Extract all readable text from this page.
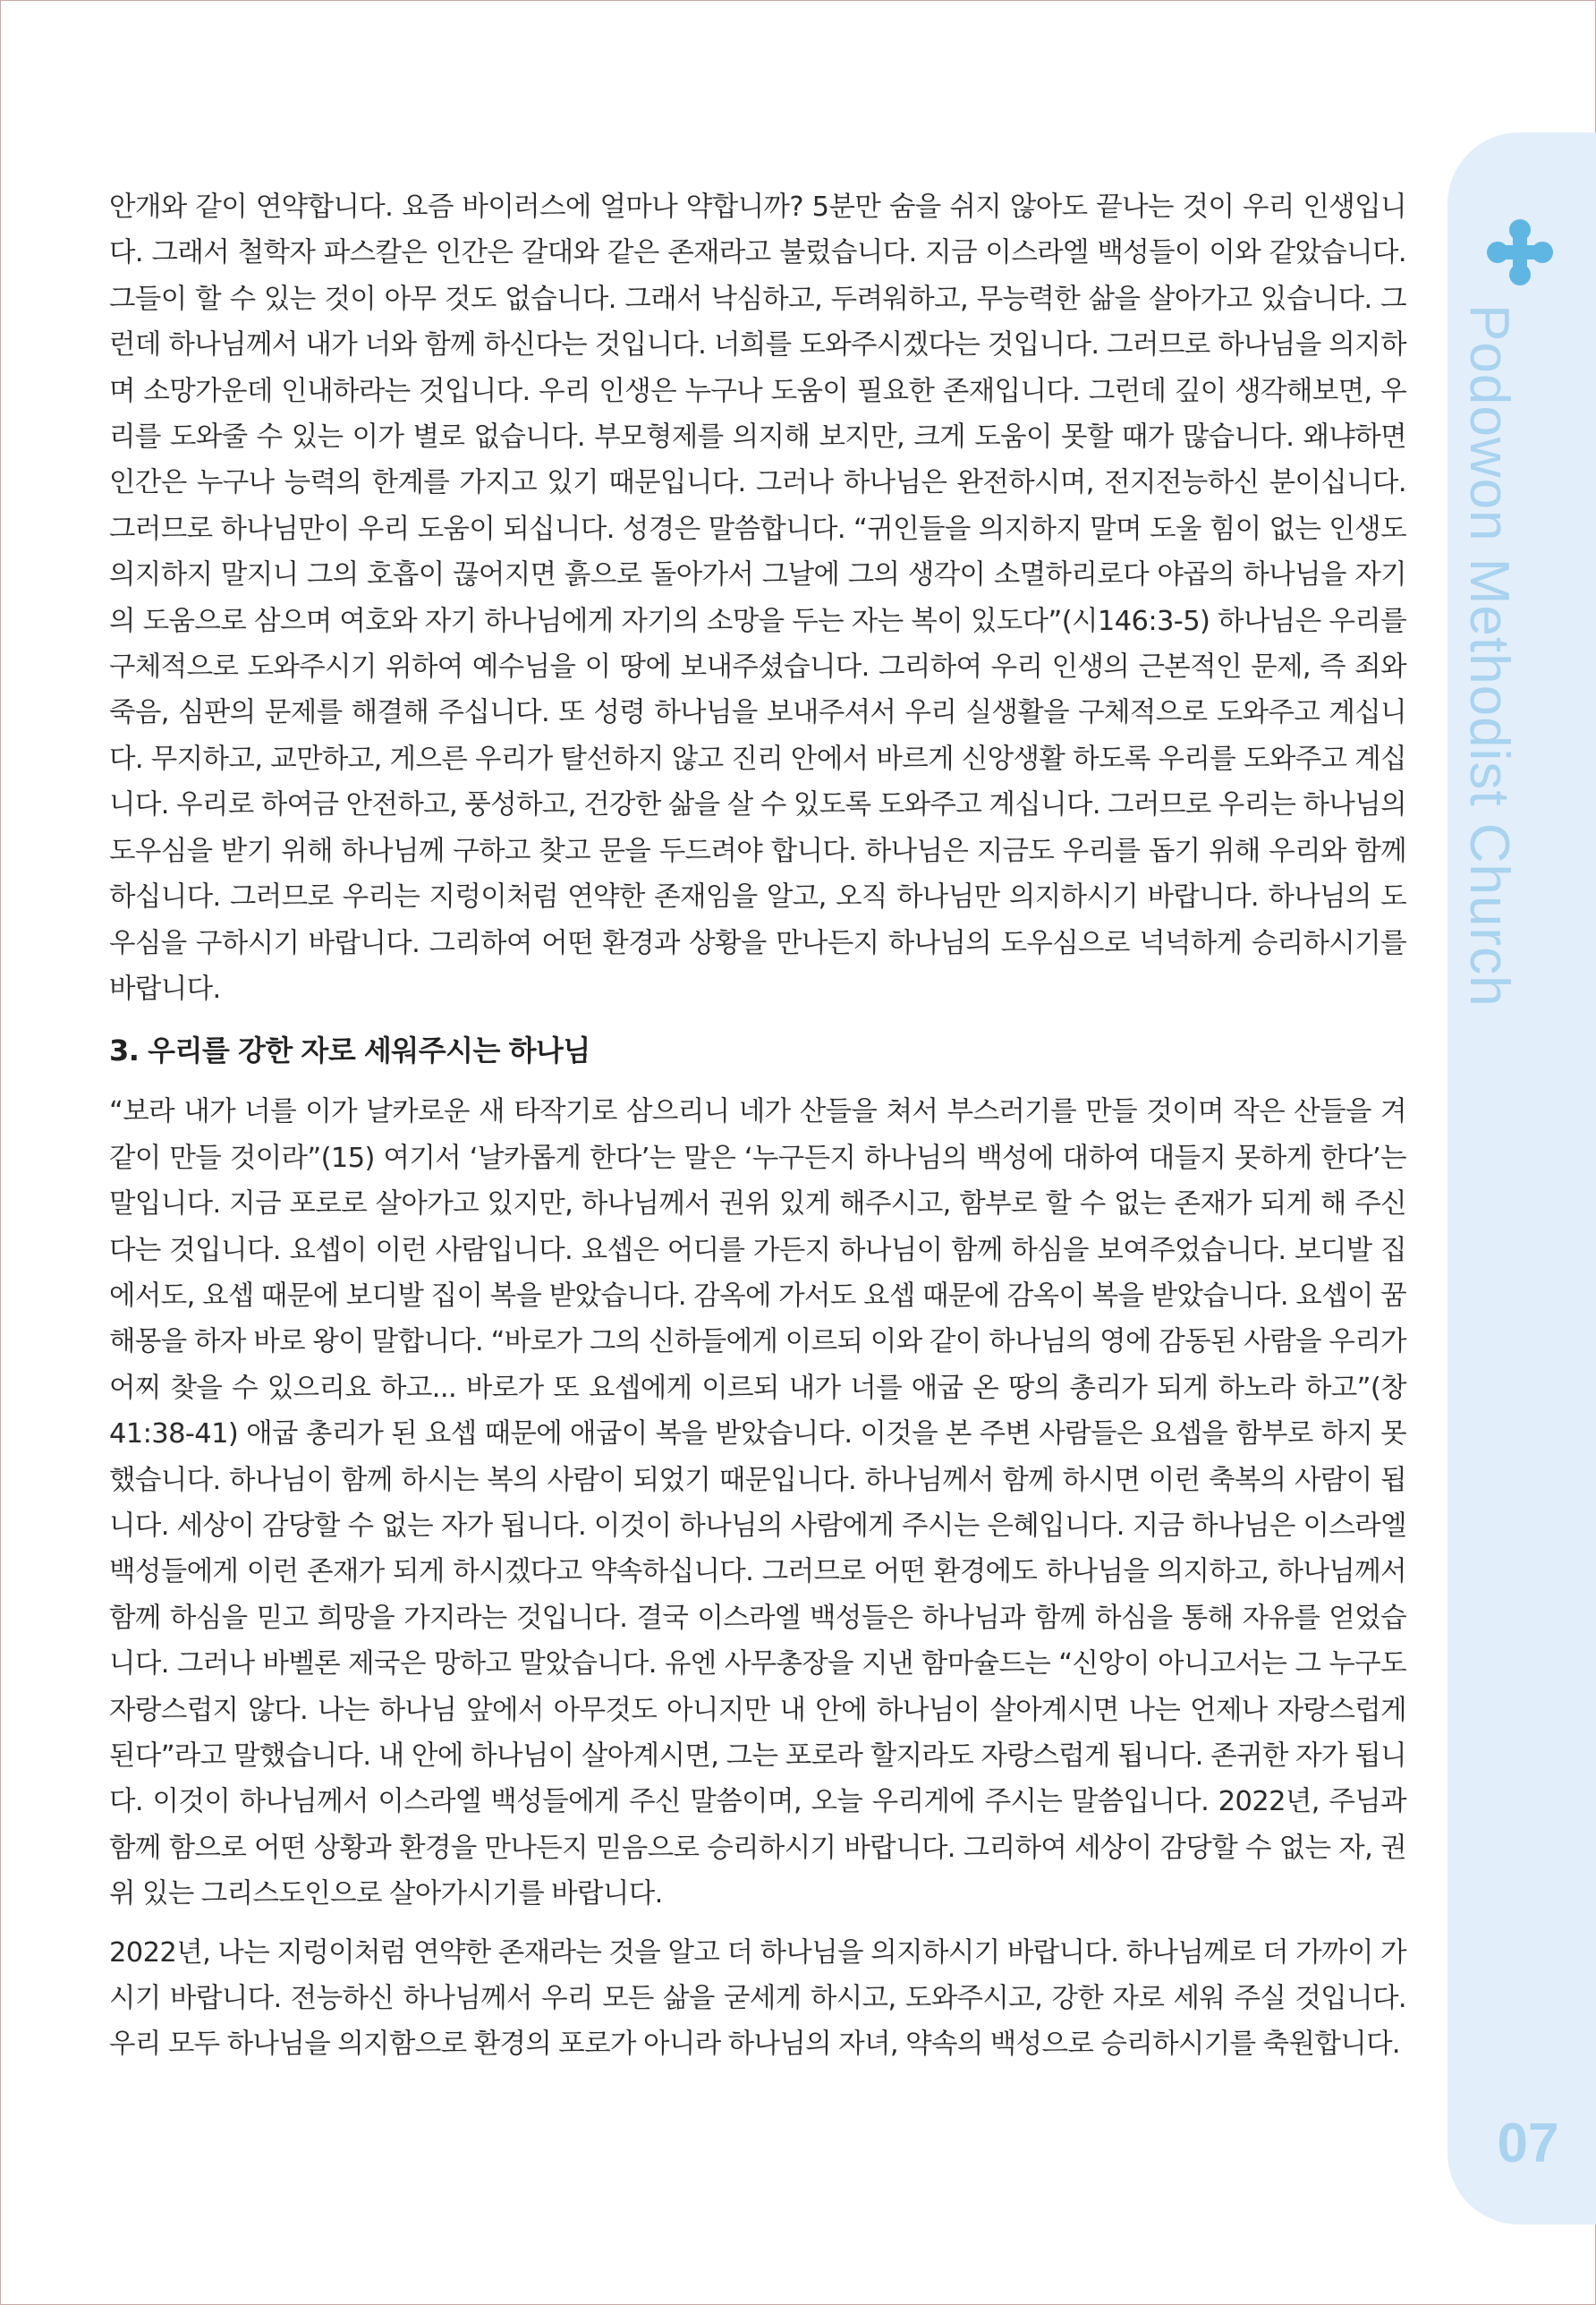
Podowon Methodist Church
07

안개와 같이 연약합니다. 요즘 바이러스에 얼마나 약합니까? 5분만 숨을 쉬지 않아도 끝나는 것이 우리 인생입니다. 그래서 철학자 파스칼은 인간은 갈대와 같은 존재라고 불렀습니다. 지금 이스라엘 백성들이 이와 같았습니다. 그들이 할 수 있는 것이 아무 것도 없습니다. 그래서 낙심하고, 두려워하고, 무능력한 삶을 살아가고 있습니다. 그런데 하나님께서 내가 너와 함께 하신다는 것입니다. 너희를 도와주시겠다는 것입니다. 그러므로 하나님을 의지하며 소망가운데 인내하라는 것입니다. 우리 인생은 누구나 도움이 필요한 존재입니다. 그런데 깊이 생각해보면, 우리를 도와줄 수 있는 이가 별로 없습니다. 부모형제를 의지해 보지만, 크게 도움이 못할 때가 많습니다. 왜냐하면 인간은 누구나 능력의 한계를 가지고 있기 때문입니다. 그러나 하나님은 완전하시며, 전지전능하신 분이십니다. 그러므로 하나님만이 우리 도움이 되십니다. 성경은 말씀합니다. “귀인들을 의지하지 말며 도울 힘이 없는 인생도 의지하지 말지니 그의 호흡이 끊어지면 흙으로 돌아가서 그날에 그의 생각이 소멸하리로다 야곱의 하나님을 자기의 도움으로 삼으며 여호와 자기 하나님에게 자기의 소망을 두는 자는 복이 있도다”(시146:3-5) 하나님은 우리를 구체적으로 도와주시기 위하여 예수님을 이 땅에 보내주셨습니다. 그리하여 우리 인생의 근본적인 문제, 즉 죄와 죽음, 심판의 문제를 해결해 주십니다. 또 성령 하나님을 보내주셔서 우리 실생활을 구체적으로 도와주고 계십니다. 무지하고, 교만하고, 게으른 우리가 탈선하지 않고 진리 안에서 바르게 신앙생활 하도록 우리를 도와주고 계십니다. 우리로 하여금 안전하고, 풍성하고, 건강한 삶을 살 수 있도록 도와주고 계십니다. 그러므로 우리는 하나님의 도우심을 받기 위해 하나님께 구하고 찾고 문을 두드려야 합니다. 하나님은 지금도 우리를 돕기 위해 우리와 함께 하십니다. 그러므로 우리는 지렁이처럼 연약한 존재임을 알고, 오직 하나님만 의지하시기 바랍니다. 하나님의 도우심을 구하시기 바랍니다. 그리하여 어떤 환경과 상황을 만나든지 하나님의 도우심으로 넉넉하게 승리하시기를 바랍니다.

3. 우리를 강한 자로 세워주시는 하나님

“보라 내가 너를 이가 날카로운 새 타작기로 삼으리니 네가 산들을 쳐서 부스러기를 만들 것이며 작은 산들을 겨 같이 만들 것이라”(15) 여기서 ‘날카롭게 한다’는 말은 ‘누구든지 하나님의 백성에 대하여 대들지 못하게 한다’는 말입니다. 지금 포로로 살아가고 있지만, 하나님께서 권위 있게 해주시고, 함부로 할 수 없는 존재가 되게 해 주신다는 것입니다. 요셉이 이런 사람입니다. 요셉은 어디를 가든지 하나님이 함께 하심을 보여주었습니다. 보디발 집에서도, 요셉 때문에 보디발 집이 복을 받았습니다. 감옥에 가서도 요셉 때문에 감옥이 복을 받았습니다. 요셉이 꿈 해몽을 하자 바로 왕이 말합니다. “바로가 그의 신하들에게 이르되 이와 같이 하나님의 영에 감동된 사람을 우리가 어찌 찾을 수 있으리요 하고... 바로가 또 요셉에게 이르되 내가 너를 애굽 온 땅의 총리가 되게 하노라 하고”(창41:38-41) 애굽 총리가 된 요셉 때문에 애굽이 복을 받았습니다. 이것을 본 주변 사람들은 요셉을 함부로 하지 못했습니다. 하나님이 함께 하시는 복의 사람이 되었기 때문입니다. 하나님께서 함께 하시면 이런 축복의 사람이 됩니다. 세상이 감당할 수 없는 자가 됩니다. 이것이 하나님의 사람에게 주시는 은혜입니다. 지금 하나님은 이스라엘 백성들에게 이런 존재가 되게 하시겠다고 약속하십니다. 그러므로 어떤 환경에도 하나님을 의지하고, 하나님께서 함께 하심을 믿고 희망을 가지라는 것입니다. 결국 이스라엘 백성들은 하나님과 함께 하심을 통해 자유를 얻었습니다. 그러나 바벨론 제국은 망하고 말았습니다. 유엔 사무총장을 지낸 함마슐드는 “신앙이 아니고서는 그 누구도 자랑스럽지 않다. 나는 하나님 앞에서 아무것도 아니지만 내 안에 하나님이 살아계시면 나는 언제나 자랑스럽게 된다”라고 말했습니다. 내 안에 하나님이 살아계시면, 그는 포로라 할지라도 자랑스럽게 됩니다. 존귀한 자가 됩니다. 이것이 하나님께서 이스라엘 백성들에게 주신 말씀이며, 오늘 우리게에 주시는 말씀입니다. 2022년, 주님과 함께 함으로 어떤 상황과 환경을 만나든지 믿음으로 승리하시기 바랍니다. 그리하여 세상이 감당할 수 없는 자, 권위 있는 그리스도인으로 살아가시기를 바랍니다.

2022년, 나는 지렁이처럼 연약한 존재라는 것을 알고 더 하나님을 의지하시기 바랍니다. 하나님께로 더 가까이 가시기 바랍니다. 전능하신 하나님께서 우리 모든 삶을 굳세게 하시고, 도와주시고, 강한 자로 세워 주실 것입니다. 우리 모두 하나님을 의지함으로 환경의 포로가 아니라 하나님의 자녀, 약속의 백성으로 승리하시기를 축원합니다.
